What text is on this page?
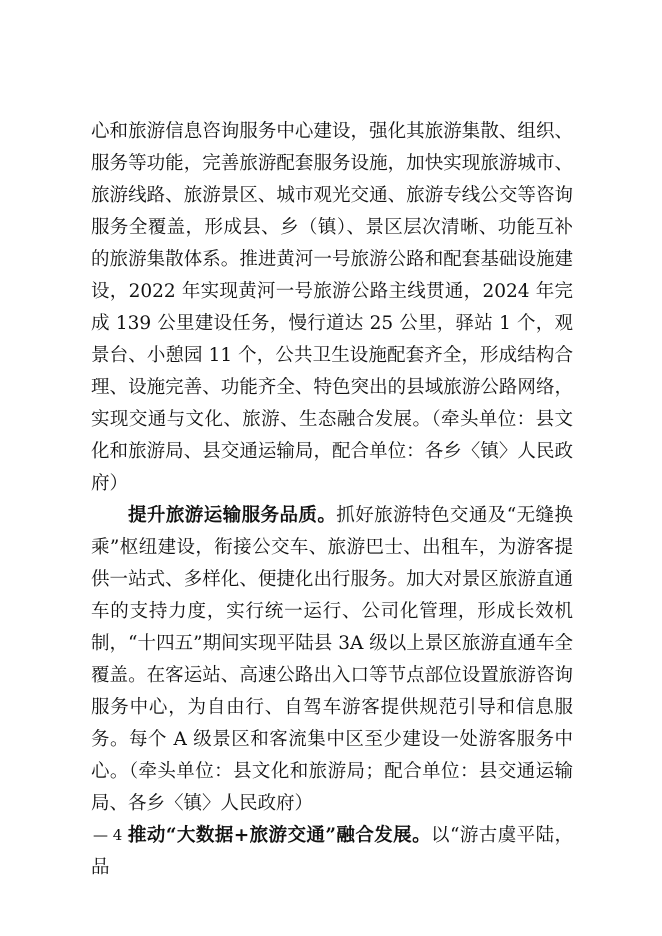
心和旅游信息咨询服务中心建设，强化其旅游集散、组织、服务等功能，完善旅游配套服务设施，加快实现旅游城市、旅游线路、旅游景区、城市观光交通、旅游专线公交等咨询服务全覆盖，形成县、乡（镇）、景区层次清晰、功能互补的旅游集散体系。推进黄河一号旅游公路和配套基础设施建设，2022 年实现黄河一号旅游公路主线贯通，2024 年完成 139 公里建设任务，慢行道达 25 公里，驿站 1 个，观景台、小憩园 11 个，公共卫生设施配套齐全，形成结构合理、设施完善、功能齐全、特色突出的县域旅游公路网络，实现交通与文化、旅游、生态融合发展。（牵头单位：县文化和旅游局、县交通运输局，配合单位：各乡〈镇〉人民政府）

提升旅游运输服务品质。抓好旅游特色交通及“无缝换乘”枢纽建设，衔接公交车、旅游巴士、出租车，为游客提供一站式、多样化、便捷化出行服务。加大对景区旅游直通车的支持力度，实行统一运行、公司化管理，形成长效机制，“十四五”期间实现平陆县 3A 级以上景区旅游直通车全覆盖。在客运站、高速公路出入口等节点部位设置旅游咨询服务中心，为自由行、自驾车游客提供规范引导和信息服务。每个 A 级景区和客流集中区至少建设一处游客服务中心。（牵头单位：县文化和旅游局；配合单位：县交通运输局、各乡〈镇〉人民政府）

推动“大数据+旅游交通”融合发展。以“游古虞平陆，品

— 4 —
